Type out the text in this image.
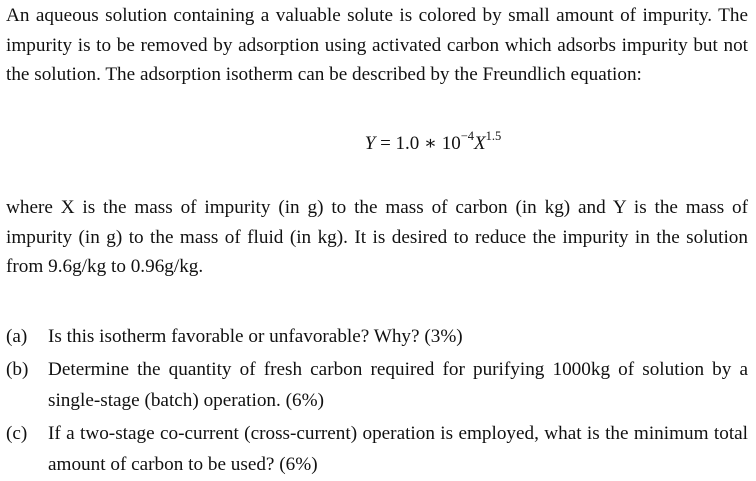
An aqueous solution containing a valuable solute is colored by small amount of impurity. The impurity is to be removed by adsorption using activated carbon which adsorbs impurity but not the solution. The adsorption isotherm can be described by the Freundlich equation:
Y = 1.0 ∗ $10^{-4}X^{1.5}$
where X is the mass of impurity (in g) to the mass of carbon (in kg) and Y is the mass of impurity (in g) to the mass of fluid (in kg). It is desired to reduce the impurity in the solution from 9.6g/kg to 0.96g/kg.
(a) Is this isotherm favorable or unfavorable? Why? (3%)
(b) Determine the quantity of fresh carbon required for purifying 1000kg of solution by a single-stage (batch) operation. (6%)
(c) If a two-stage co-current (cross-current) operation is employed, what is the minimum total amount of carbon to be used? (6%)
